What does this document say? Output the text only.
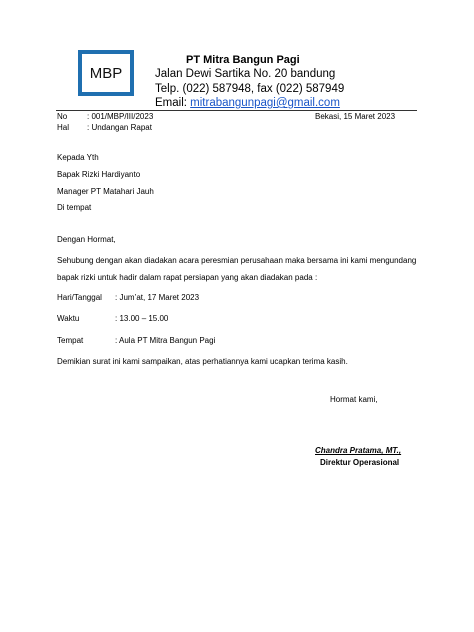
MBP
PT Mitra Bangun Pagi
Jalan Dewi Sartika No. 20 bandung
Telp. (022) 587948, fax (022) 587949
Email: mitrabangunpagi@gmail.com
No : 001/MBP/III/2023	Bekasi, 15 Maret 2023
Hal : Undangan Rapat
Kepada Yth
Bapak Rizki Hardiyanto
Manager PT Matahari Jauh
Di tempat
Dengan Hormat,
Sehubung dengan akan diadakan acara peresmian perusahaan maka bersama ini kami mengundang
bapak rizki untuk hadir dalam rapat persiapan yang akan diadakan pada :
Hari/Tanggal : Jum’at, 17 Maret 2023
Waktu	: 13.00 – 15.00
Tempat	: Aula PT Mitra Bangun Pagi
Demikian surat ini kami sampaikan, atas perhatiannya kami ucapkan terima kasih.
Hormat kami,
Chandra Pratama, MT.,
Direktur Operasional
